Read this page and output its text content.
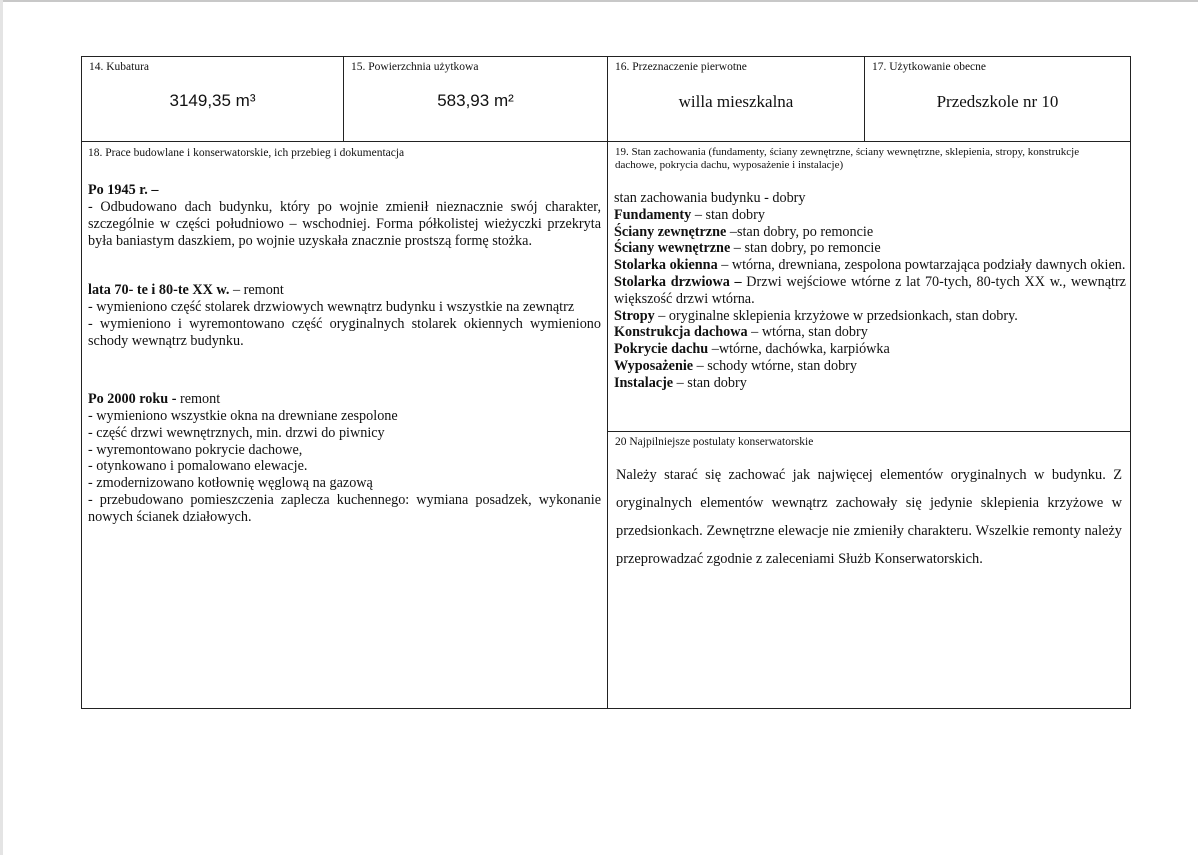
14. Kubatura
3149,35 m³
15. Powierzchnia użytkowa
583,93 m²
16. Przeznaczenie pierwotne
willa mieszkalna
17. Użytkowanie obecne
Przedszkole nr 10
18. Prace budowlane i konserwatorskie, ich przebieg i dokumentacja

Po 1945 r. –

- Odbudowano dach budynku, który po wojnie zmienił nieznacznie swój charakter, szczególnie w części południowo – wschodniej. Forma półkolistej wieżyczki przekryta była baniastym daszkiem, po wojnie uzyskała znacznie prostszą formę stożka.

lata 70- te i 80-te XX w. – remont

- wymieniono część stolarek drzwiowych wewnątrz budynku i wszystkie na zewnątrz

- wymieniono i wyremontowano część oryginalnych stolarek okiennych wymieniono schody wewnątrz budynku.

Po 2000 roku - remont

- wymieniono wszystkie okna na drewniane zespolone

- część drzwi wewnętrznych, min. drzwi do piwnicy

- wyremontowano pokrycie dachowe,

- otynkowano i pomalowano elewacje.

- zmodernizowano kotłownię węglową na gazową

- przebudowano pomieszczenia zaplecza kuchennego: wymiana posadzek, wykonanie nowych ścianek działowych.

19. Stan zachowania (fundamenty, ściany zewnętrzne, ściany wewnętrzne, sklepienia, stropy, konstrukcje dachowe, pokrycia dachu, wyposażenie i instalacje)

stan zachowania budynku - dobry

Fundamenty – stan dobry

Ściany zewnętrzne –stan dobry, po remoncie

Ściany wewnętrzne – stan dobry, po remoncie

Stolarka okienna – wtórna, drewniana, zespolona powtarzająca podziały dawnych okien.

Stolarka drzwiowa – Drzwi wejściowe wtórne z lat 70-tych, 80-tych XX w., wewnątrz większość drzwi wtórna.

Stropy – oryginalne sklepienia krzyżowe w przedsionkach, stan dobry.

Konstrukcja dachowa – wtórna, stan dobry

Pokrycie dachu –wtórne, dachówka, karpiówka

Wyposażenie – schody wtórne, stan dobry

Instalacje – stan dobry

20 Najpilniejsze postulaty konserwatorskie

Należy starać się zachować jak najwięcej elementów oryginalnych w budynku. Z oryginalnych elementów wewnątrz zachowały się jedynie sklepienia krzyżowe w przedsionkach. Zewnętrzne elewacje nie zmieniły charakteru. Wszelkie remonty należy przeprowadzać zgodnie z zaleceniami Służb Konserwatorskich.
